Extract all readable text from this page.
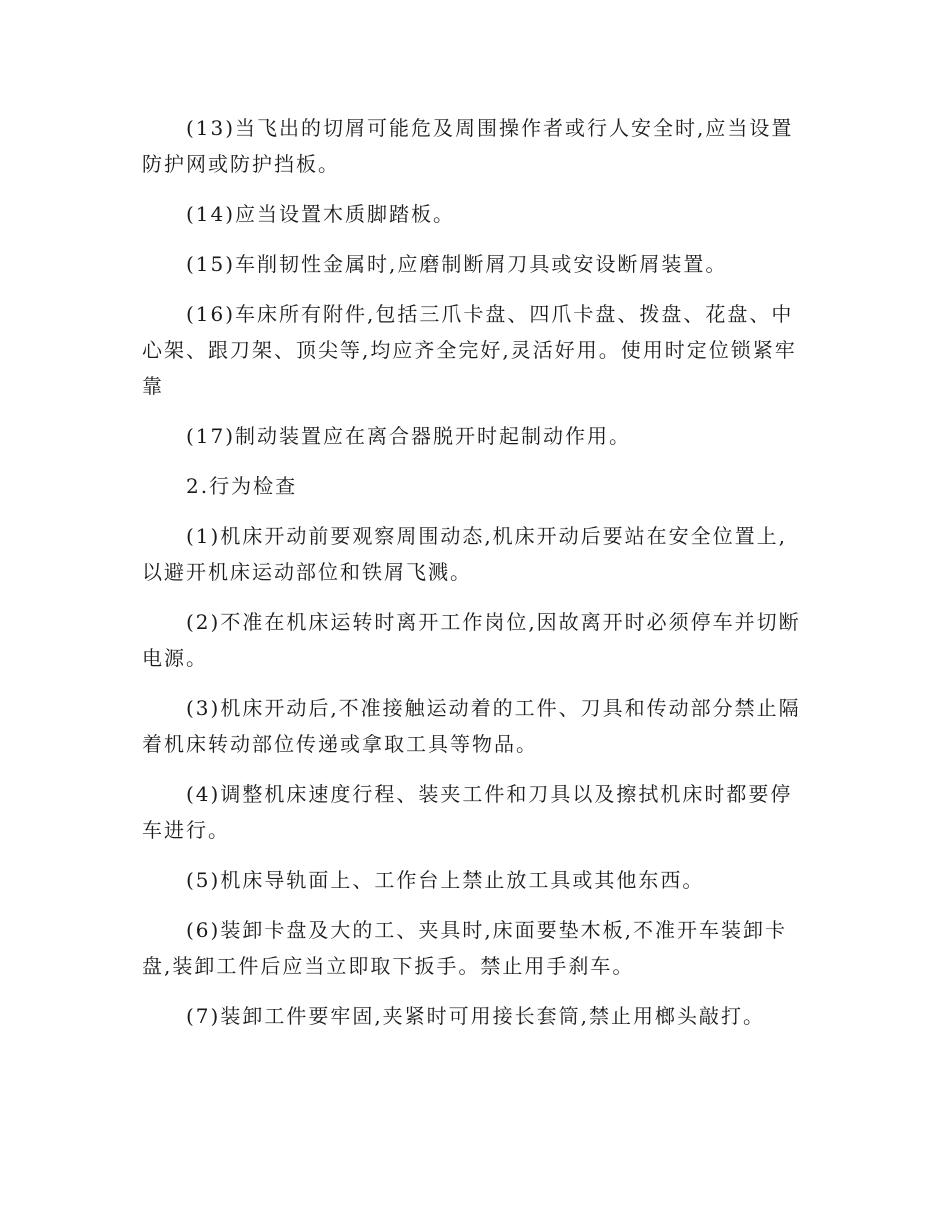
(13)当飞出的切屑可能危及周围操作者或行人安全时,应当设置防护网或防护挡板。

(14)应当设置木质脚踏板。

(15)车削韧性金属时,应磨制断屑刀具或安设断屑装置。

(16)车床所有附件,包括三爪卡盘、四爪卡盘、拨盘、花盘、中心架、跟刀架、顶尖等,均应齐全完好,灵活好用。使用时定位锁紧牢靠

(17)制动装置应在离合器脱开时起制动作用。

2.行为检查

(1)机床开动前要观察周围动态,机床开动后要站在安全位置上,以避开机床运动部位和铁屑飞溅。

(2)不准在机床运转时离开工作岗位,因故离开时必须停车并切断电源。

(3)机床开动后,不准接触运动着的工件、刀具和传动部分禁止隔着机床转动部位传递或拿取工具等物品。

(4)调整机床速度行程、装夹工件和刀具以及擦拭机床时都要停车进行。

(5)机床导轨面上、工作台上禁止放工具或其他东西。

(6)装卸卡盘及大的工、夹具时,床面要垫木板,不准开车装卸卡盘,装卸工件后应当立即取下扳手。禁止用手刹车。

(7)装卸工件要牢固,夹紧时可用接长套筒,禁止用榔头敲打。
